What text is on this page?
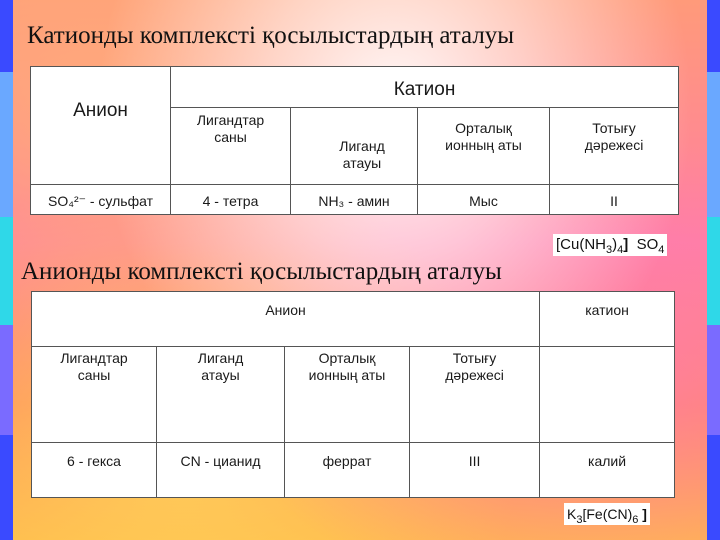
Катионды комплексті қосылыстардың аталуы
Анион	Катион			
	Лигандтар саны	Лиганд атауы	Орталық ионның аты	Тотығу дәрежесі
SO₄²⁻ - сульфат	4 - тетра	NH₃ - амин	Мыс	II
$[Cu(NH_3)_4]$ $SO_4$
Анионды комплексті қосылыстардың аталуы
Анион				катион
Лигандтар саны	Лиганд атауы	Орталық ионның аты	Тотығу дәрежесі	
6 - гекса	CN - цианид	феррат	III	калий
$K_3[Fe(CN)_6$ ]
